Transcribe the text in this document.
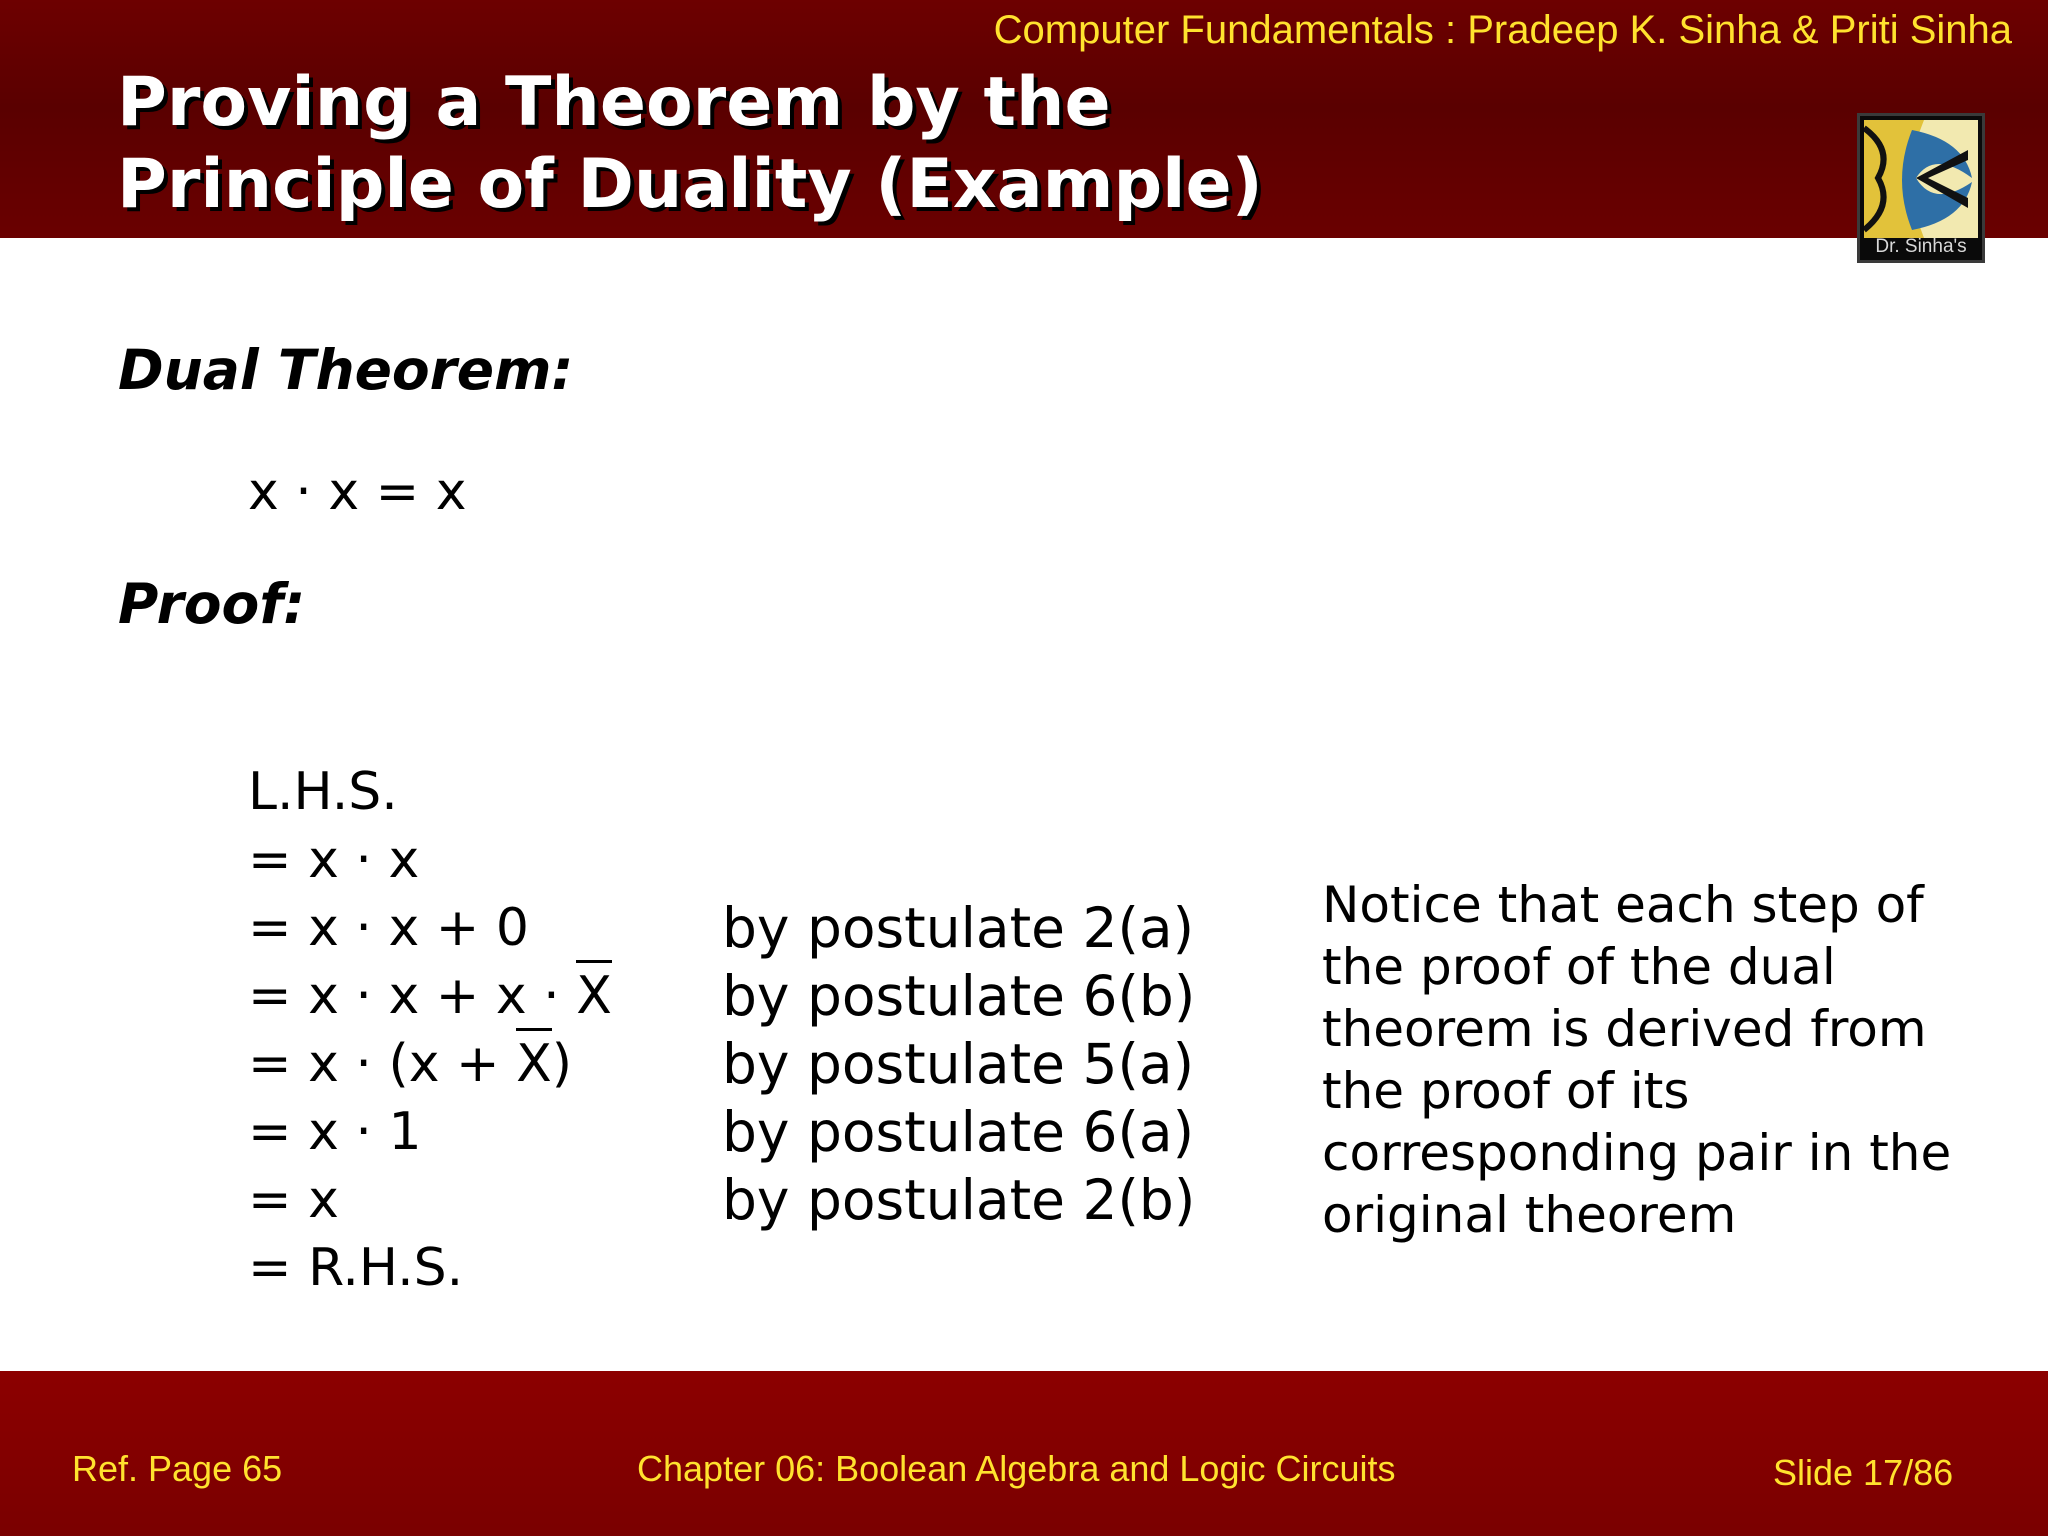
Computer Fundamentals : Pradeep K. Sinha & Priti Sinha
Proving a Theorem by the
Principle of Duality (Example)
Dr. Sinha's
Dual Theorem:
x · x = x
Proof:
L.H.S.
= x · x
= x · x + 0
= x · x + x · X
= x · (x + X)
= x · 1
= x
= R.H.S.
by postulate 2(a)
by postulate 6(b)
by postulate 5(a)
by postulate 6(a)
by postulate 2(b)
Notice that each step of the proof of the dual theorem is derived from the proof of its corresponding pair in the original theorem
Ref. Page 65	Chapter 06: Boolean Algebra and Logic Circuits	Slide 17/86
